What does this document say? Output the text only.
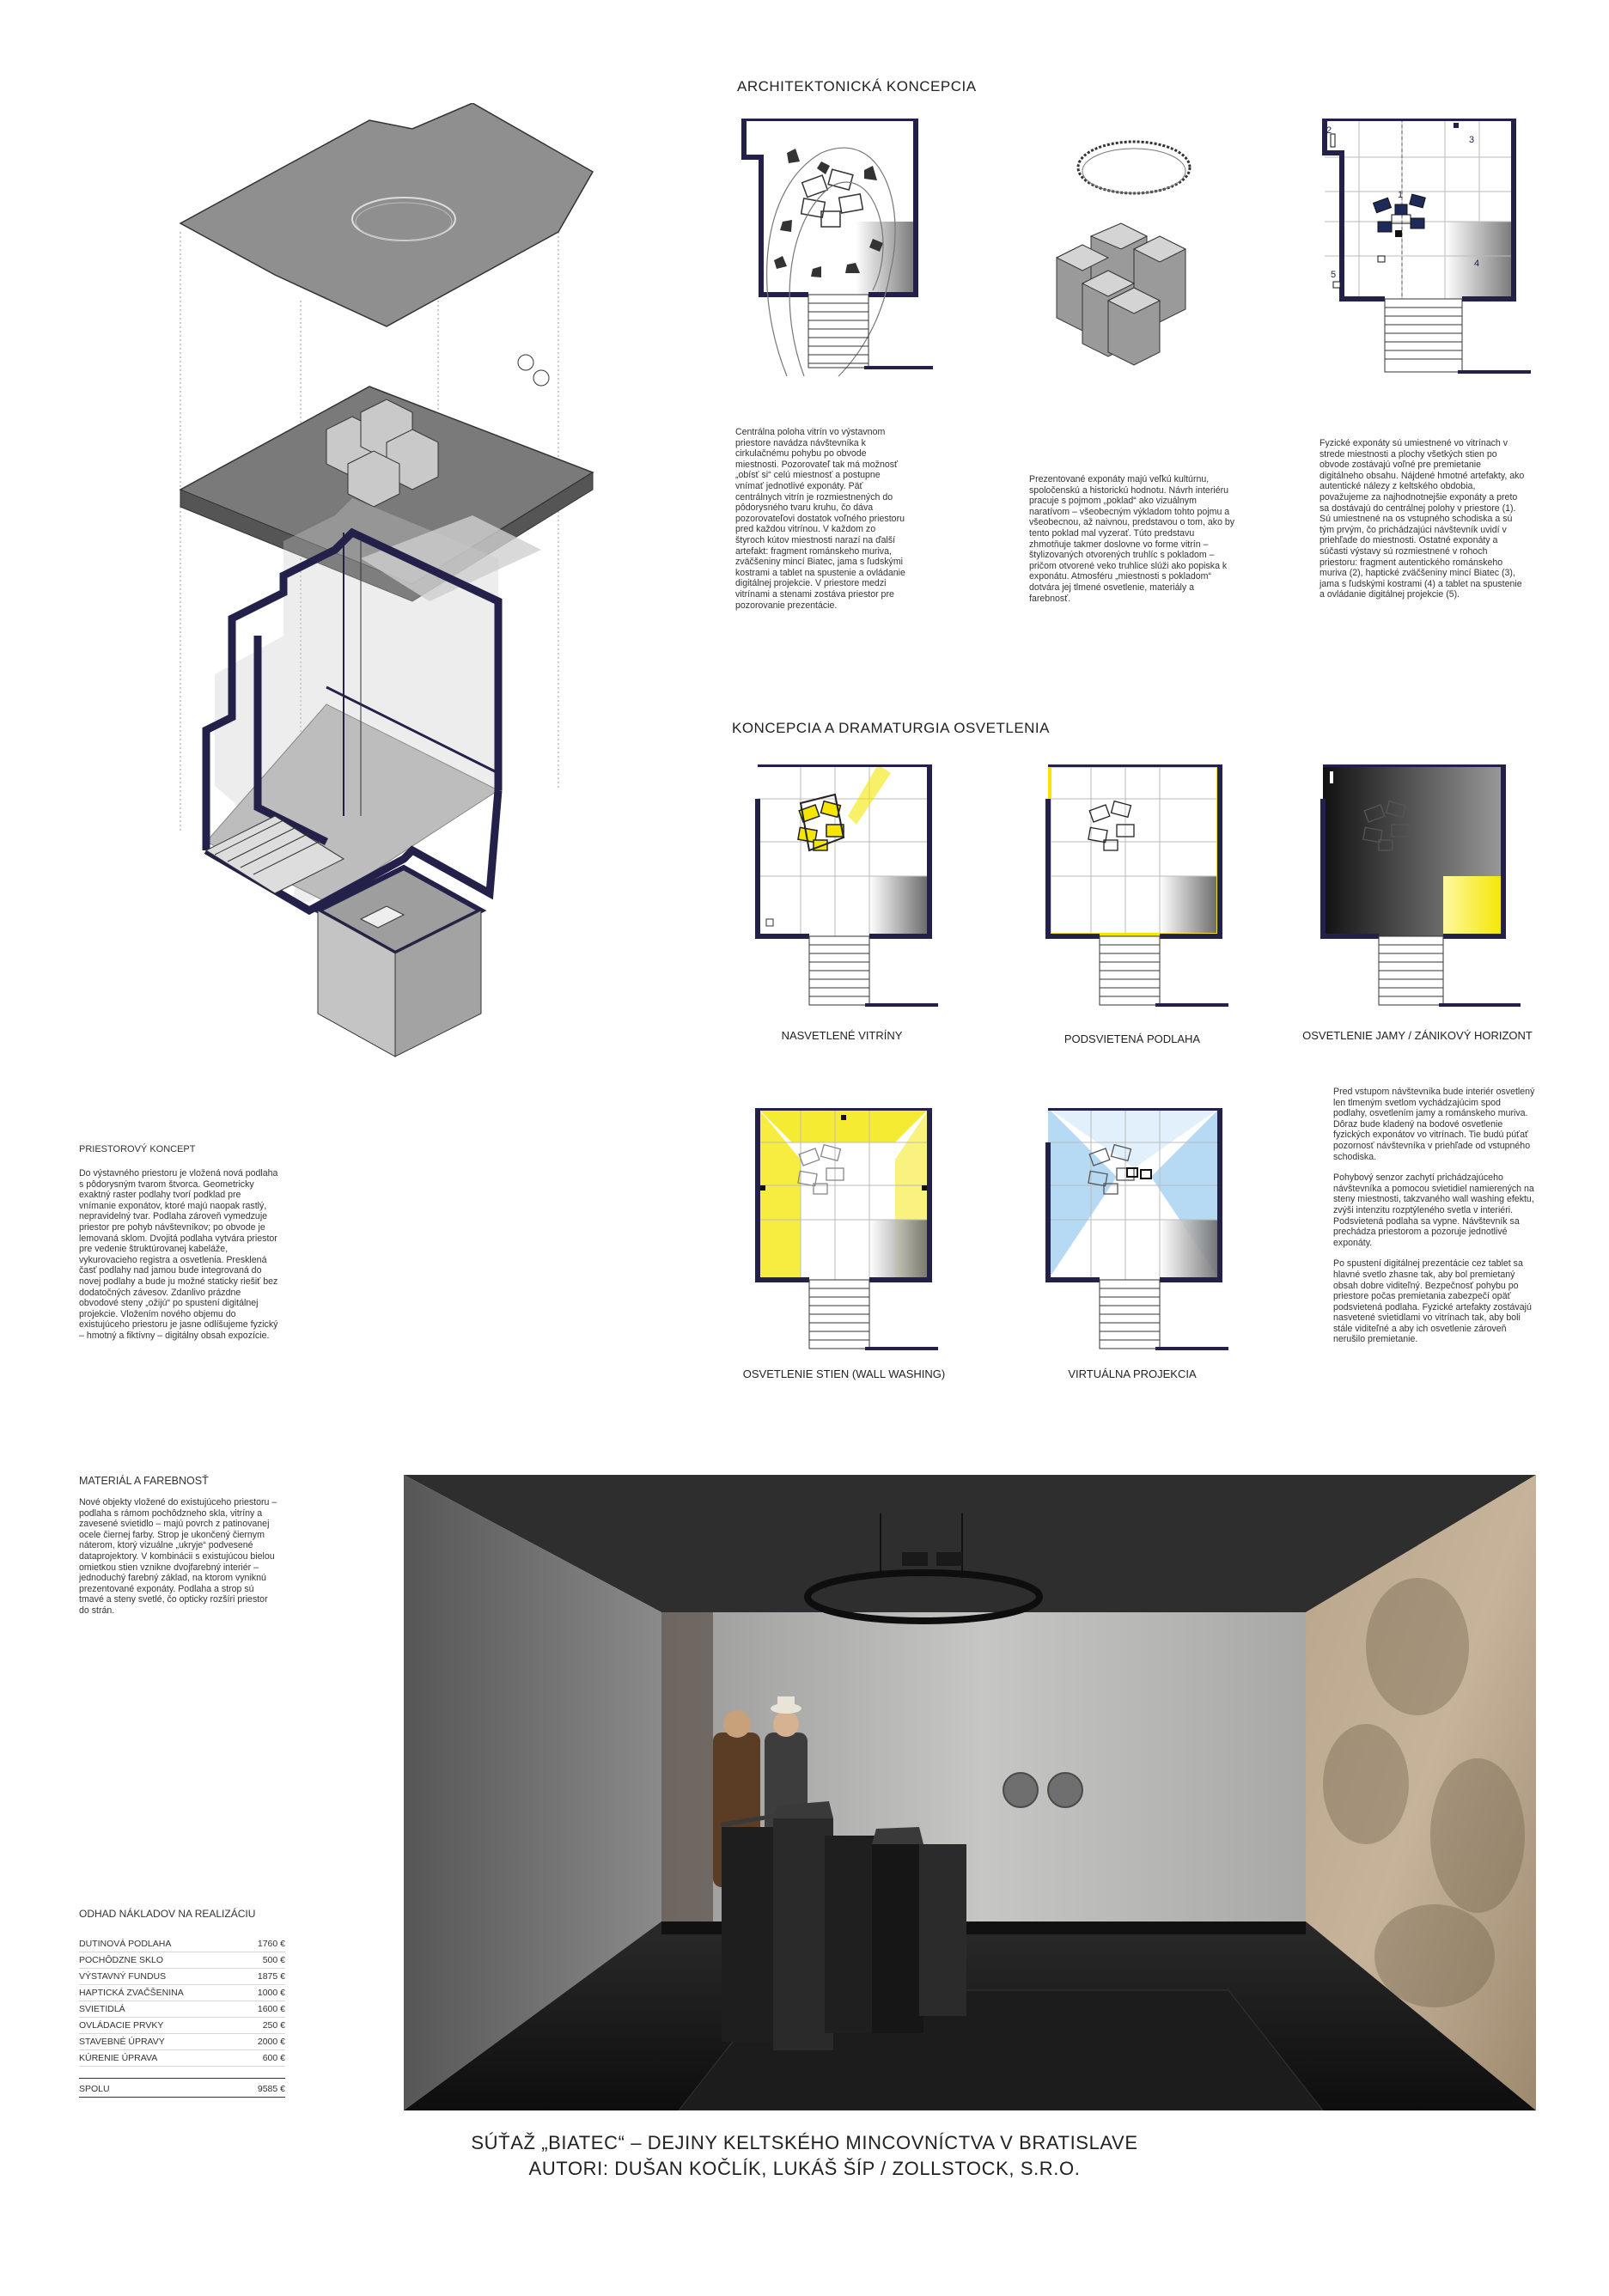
ARCHITEKTONICKÁ KONCEPCIA
1
2
3
4
5
Centrálna poloha vitrín vo výstavnom priestore navádza návštevníka k cirkulačnému pohybu po obvode miestnosti. Pozorovateľ tak má možnosť „obísť si“ celú miestnosť a postupne vnímať jednotlivé exponáty. Päť centrálnych vitrín je rozmiestnených do pôdorysného tvaru kruhu, čo dáva pozorovateľovi dostatok voľného priestoru pred každou vitrínou. V každom zo štyroch kútov miestnosti narazí na ďalší artefakt: fragment románskeho muriva, zväčšeniny mincí Biatec, jama s ľudskými kostrami a tablet na spustenie a ovládanie digitálnej projekcie. V priestore medzi vitrínami a stenami zostáva priestor pre pozorovanie prezentácie.
Prezentované exponáty majú veľkú kultúrnu, spoločenskú a historickú hodnotu. Návrh interiéru pracuje s pojmom „poklad“ ako vizuálnym naratívom – všeobecným výkladom tohto pojmu a všeobecnou, až naivnou, predstavou o tom, ako by tento poklad mal vyzerať. Túto predstavu zhmotňuje takmer doslovne vo forme vitrín – štylizovaných otvorených truhlíc s pokladom – pričom otvorené veko truhlice slúži ako popiska k exponátu. Atmosféru „miestnosti s pokladom“ dotvára jej tlmené osvetlenie, materiály a farebnosť.
Fyzické exponáty sú umiestnené vo vitrínach v strede miestnosti a plochy všetkých stien po obvode zostávajú voľné pre premietanie digitálneho obsahu. Nájdené hmotné artefakty, ako autentické nálezy z keltského obdobia, považujeme za najhodnotnejšie exponáty a preto sa dostávajú do centrálnej polohy v priestore (1). Sú umiestnené na os vstupného schodiska a sú tým prvým, čo prichádzajúci návštevník uvidí v priehľade do miestnosti. Ostatné exponáty a súčasti výstavy sú rozmiestnené v rohoch priestoru: fragment autentického románskeho muriva (2), haptické zväčšeniny mincí Biatec (3), jama s ľudskými kostrami (4) a tablet na spustenie a ovládanie digitálnej projekcie (5).
KONCEPCIA A DRAMATURGIA OSVETLENIA
NASVETLENÉ VITRÍNY	PODSVIETENÁ PODLAHA	OSVETLENIE JAMY / ZÁNIKOVÝ HORIZONT
OSVETLENIE STIEN (WALL WASHING)	VIRTUÁLNA PROJEKCIA

Pred vstupom návštevníka bude interiér osvetlený len tlmeným svetlom vychádzajúcim spod podlahy, osvetlením jamy a románskeho muriva. Dôraz bude kladený na bodové osvetlenie fyzických exponátov vo vitrínach. Tie budú púťať pozornosť návštevníka v priehľade od vstupného schodiska.

Pohybový senzor zachytí prichádzajúceho návštevníka a pomocou svietidiel namierených na steny miestnosti, takzvaného wall washing efektu, zvýši intenzitu rozptýleného svetla v interiéri. Podsvietená podlaha sa vypne. Návštevník sa prechádza priestorom a pozoruje jednotlivé exponáty.

Po spustení digitálnej prezentácie cez tablet sa hlavné svetlo zhasne tak, aby bol premietaný obsah dobre viditeľný. Bezpečnosť pohybu po priestore počas premietania zabezpečí opäť podsvietená podlaha. Fyzické artefakty zostávajú nasvetené svietidlami vo vitrínach tak, aby boli stále viditeľné a aby ich osvetlenie zároveň nerušilo premietanie.

PRIESTOROVÝ KONCEPT
Do výstavného priestoru je vložená nová podlaha s pôdorysným tvarom štvorca. Geometricky exaktný raster podlahy tvorí podklad pre vnímanie exponátov, ktoré majú naopak rastlý, nepravidelný tvar. Podlaha zároveň vymedzuje priestor pre pohyb návštevníkov; po obvode je lemovaná sklom. Dvojitá podlaha vytvára priestor pre vedenie štruktúrovanej kabeláže, vykurovacieho registra a osvetlenia. Presklená časť podlahy nad jamou bude integrovaná do novej podlahy a bude ju možné staticky riešiť bez dodatočných závesov. Zdanlivo prázdne obvodové steny „ožijú“ po spustení digitálnej projekcie. Vložením nového objemu do existujúceho priestoru je jasne odlíšujeme fyzický – hmotný a fiktívny – digitálny obsah expozície.
MATERIÁL A FAREBNOSŤ
Nové objekty vložené do existujúceho priestoru – podlaha s rámom pochôdzneho skla, vitríny a zavesené svietidlo – majú povrch z patinovanej ocele čiernej farby. Strop je ukončený čiernym náterom, ktorý vizuálne „ukryje“ podvesené dataprojektory. V kombinácii s existujúcou bielou omietkou stien vznikne dvojfarebný interiér – jednoduchý farebný základ, na ktorom vyniknú prezentované exponáty. Podlaha a strop sú tmavé a steny svetlé, čo opticky rozšíri priestor do strán.
ODHAD NÁKLADOV NA REALIZÁCIU
DUTINOVÁ PODLAHA	1760 €
POCHÔDZNE SKLO	500 €
VÝSTAVNÝ FUNDUS	1875 €
HAPTICKÁ ZVAČŠENINA	1000 €
SVIETIDLÁ	1600 €
OVLÁDACIE PRVKY	250 €
STAVEBNÉ ÚPRAVY	2000 €
KÚRENIE ÚPRAVA	600 €

SPOLU	9585 €
SÚŤAŽ „BIATEC“ – DEJINY KELTSKÉHO MINCOVNÍCTVA V BRATISLAVE
AUTORI: DUŠAN KOČLÍK, LUKÁŠ ŠÍP / ZOLLSTOCK, S.R.O.
